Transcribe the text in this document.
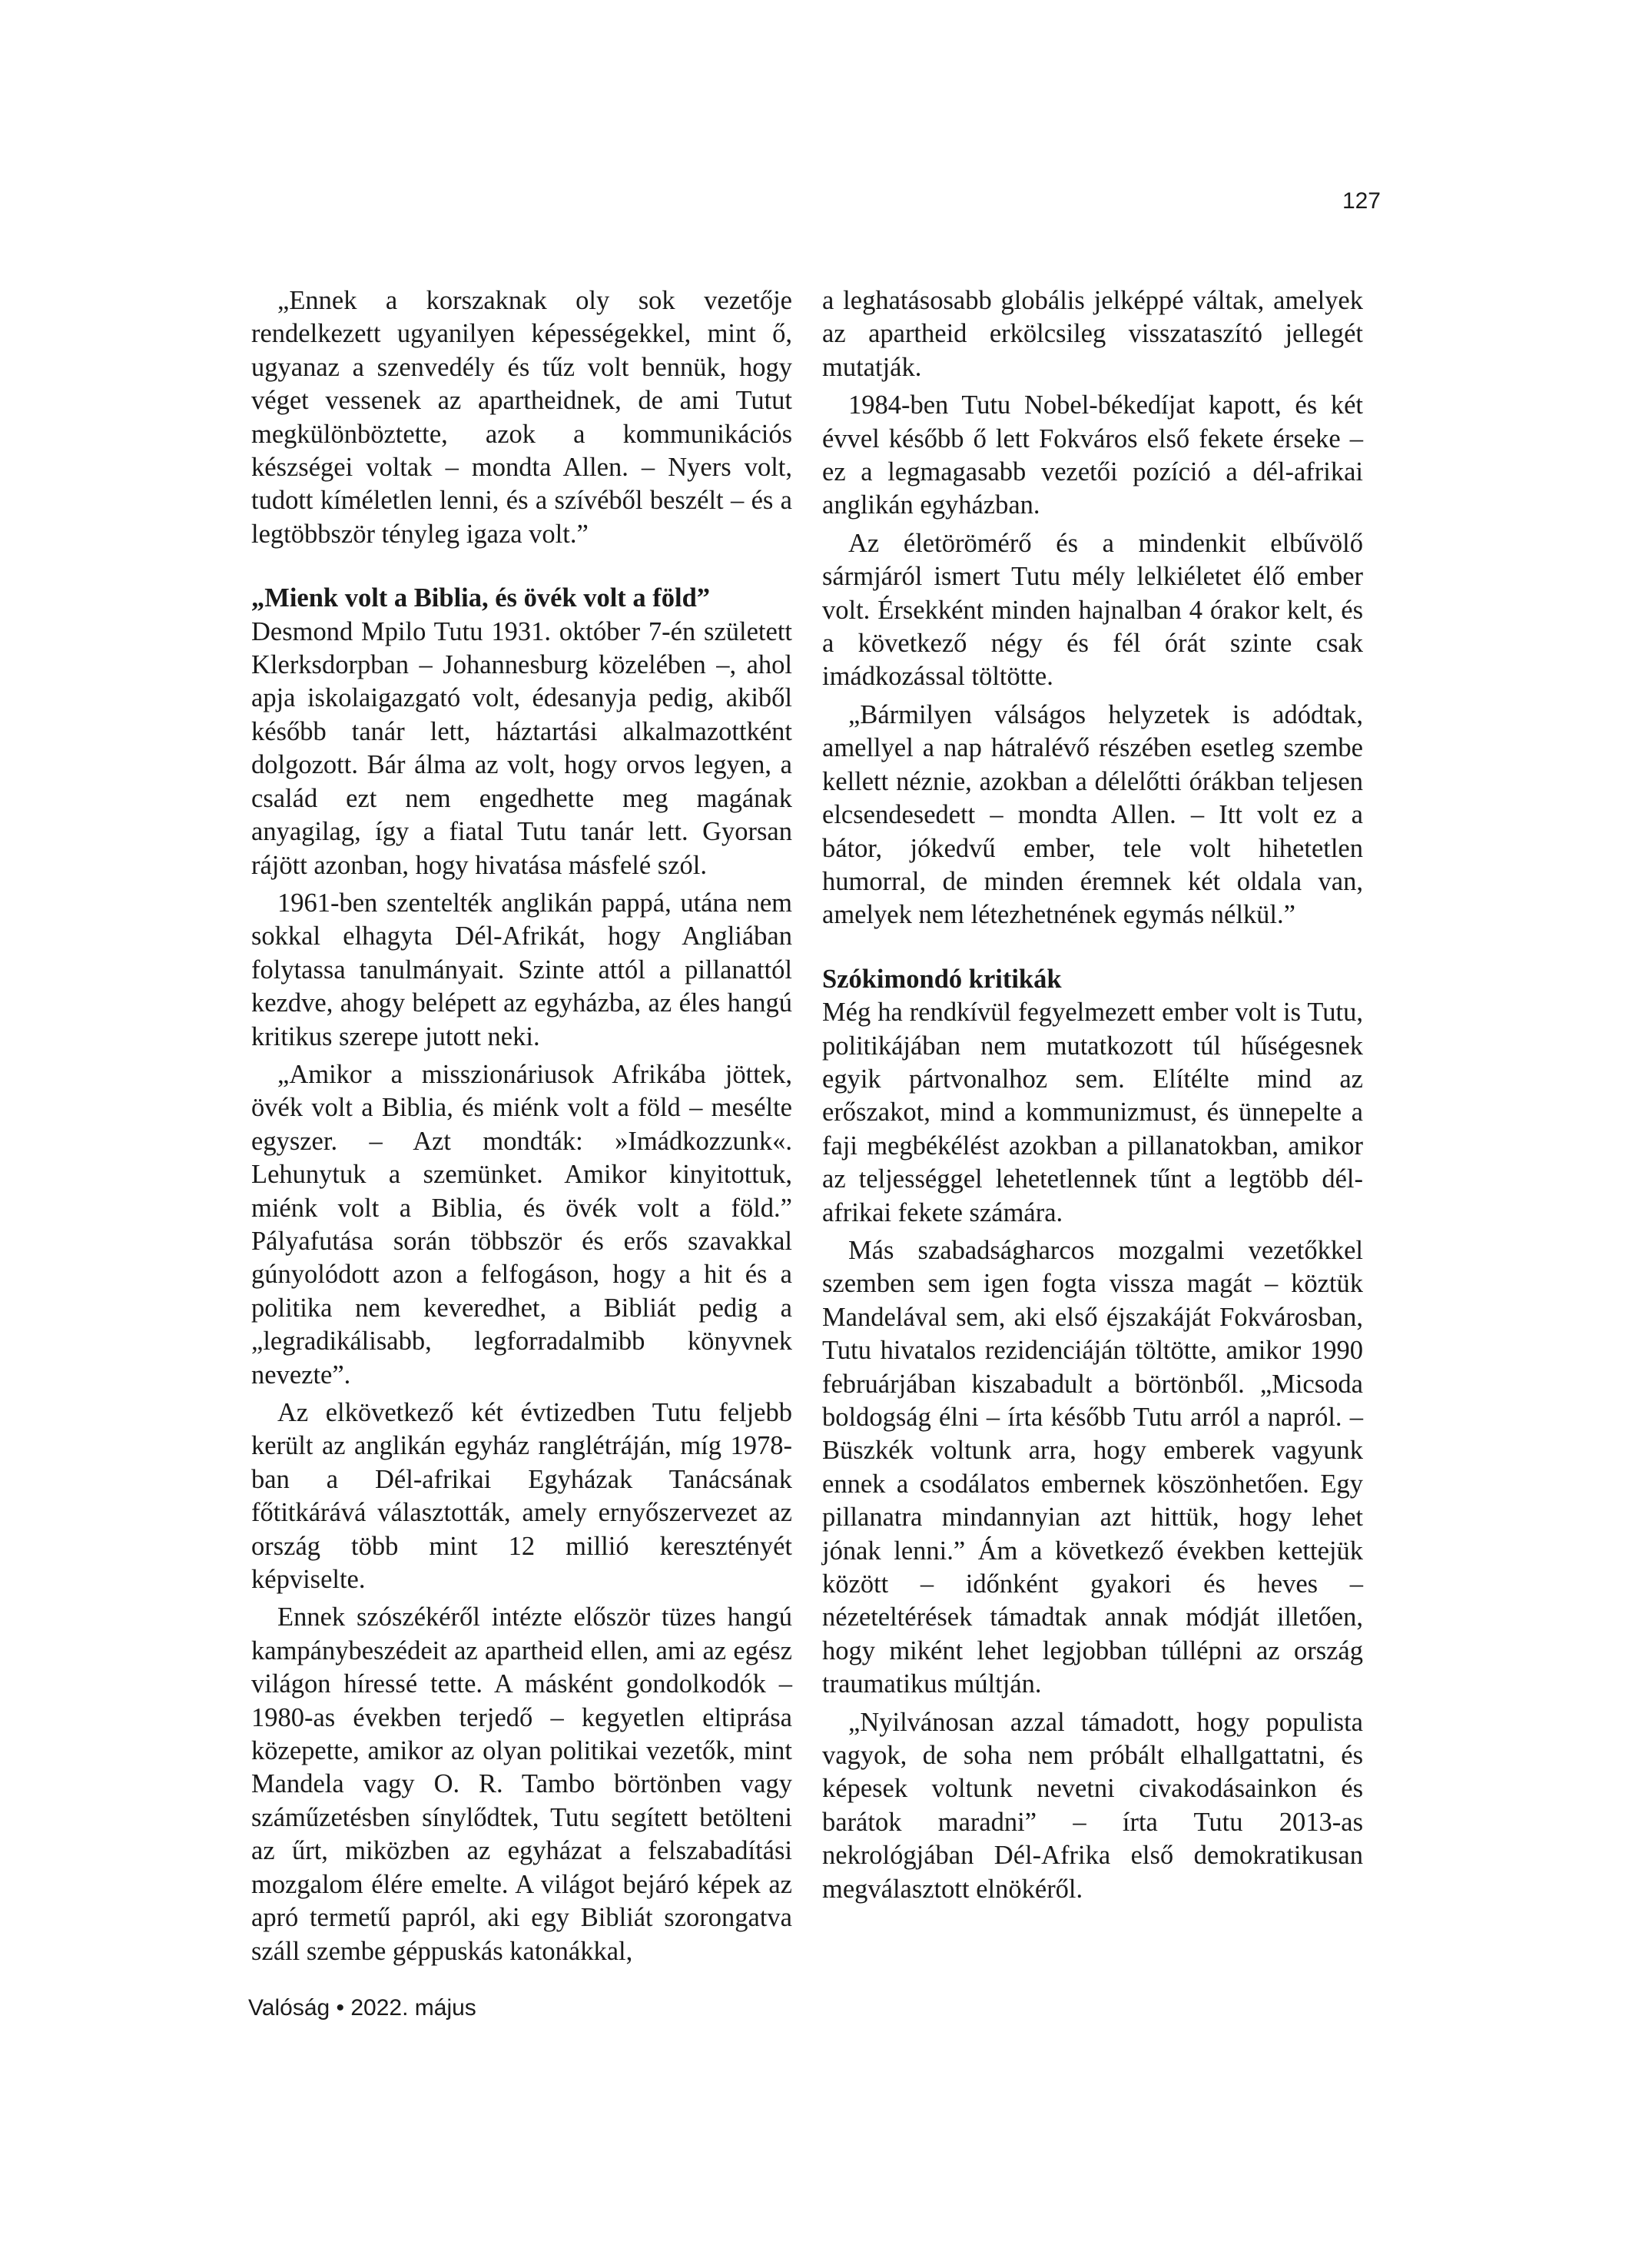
127

„Ennek a korszaknak oly sok vezetője rendelkezett ugyanilyen képességekkel, mint ő, ugyanaz a szenvedély és tűz volt bennük, hogy véget vessenek az apartheidnek, de ami Tutut megkülönböztette, azok a kommunikációs készségei voltak – mondta Allen. – Nyers volt, tudott kíméletlen lenni, és a szívéből beszélt – és a legtöbbször tényleg igaza volt.”

„Mienk volt a Biblia, és övék volt a föld”

Desmond Mpilo Tutu 1931. október 7-én született Klerksdorpban – Johannesburg közelében –, ahol apja iskolaigazgató volt, édesanyja pedig, akiből később tanár lett, háztartási alkalmazottként dolgozott. Bár álma az volt, hogy orvos legyen, a család ezt nem engedhette meg magának anyagilag, így a fiatal Tutu tanár lett. Gyorsan rájött azonban, hogy hivatása másfelé szól.

1961-ben szentelték anglikán pappá, utána nem sokkal elhagyta Dél-Afrikát, hogy Angliában folytassa tanulmányait. Szinte attól a pillanattól kezdve, ahogy belépett az egyházba, az éles hangú kritikus szerepe jutott neki.

„Amikor a misszionáriusok Afrikába jöttek, övék volt a Biblia, és miénk volt a föld – mesélte egyszer. – Azt mondták: »Imádkozzunk«. Lehunytuk a szemünket. Amikor kinyitottuk, miénk volt a Biblia, és övék volt a föld.” Pályafutása során többször és erős szavakkal gúnyolódott azon a felfogáson, hogy a hit és a politika nem keveredhet, a Bibliát pedig a „legradikálisabb, legforradalmibb könyvnek nevezte”.

Az elkövetkező két évtizedben Tutu feljebb került az anglikán egyház ranglétráján, míg 1978-ban a Dél-afrikai Egyházak Tanácsának főtitkárává választották, amely ernyőszervezet az ország több mint 12 millió keresztényét képviselte.

Ennek szószékéről intézte először tüzes hangú kampánybeszédeit az apartheid ellen, ami az egész világon híressé tette. A másként gondolkodók – 1980-as években terjedő – kegyetlen eltiprása közepette, amikor az olyan politikai vezetők, mint Mandela vagy O. R. Tambo börtönben vagy száműzetésben sínylődtek, Tutu segített betölteni az űrt, miközben az egyházat a felszabadítási mozgalom élére emelte. A világot bejáró képek az apró termetű papról, aki egy Bibliát szorongatva száll szembe géppuskás katonákkal,

a leghatásosabb globális jelképpé váltak, amelyek az apartheid erkölcsileg visszataszító jellegét mutatják.

1984-ben Tutu Nobel-békedíjat kapott, és két évvel később ő lett Fokváros első fekete érseke – ez a legmagasabb vezetői pozíció a dél-afrikai anglikán egyházban.

Az életörömérő és a mindenkit elbűvölő sármjáról ismert Tutu mély lelkiéletet élő ember volt. Érsekként minden hajnalban 4 órakor kelt, és a következő négy és fél órát szinte csak imádkozással töltötte.

„Bármilyen válságos helyzetek is adódtak, amellyel a nap hátralévő részében esetleg szembe kellett néznie, azokban a délelőtti órákban teljesen elcsendesedett – mondta Allen. – Itt volt ez a bátor, jókedvű ember, tele volt hihetetlen humorral, de minden éremnek két oldala van, amelyek nem létezhetnének egymás nélkül.”

Szókimondó kritikák

Még ha rendkívül fegyelmezett ember volt is Tutu, politikájában nem mutatkozott túl hűségesnek egyik pártvonalhoz sem. Elítélte mind az erőszakot, mind a kommunizmust, és ünnepelte a faji megbékélést azokban a pillanatokban, amikor az teljességgel lehetetlennek tűnt a legtöbb dél-afrikai fekete számára.

Más szabadságharcos mozgalmi vezetőkkel szemben sem igen fogta vissza magát – köztük Mandelával sem, aki első éjszakáját Fokvárosban, Tutu hivatalos rezidenciáján töltötte, amikor 1990 februárjában kiszabadult a börtönből. „Micsoda boldogság élni – írta később Tutu arról a napról. – Büszkék voltunk arra, hogy emberek vagyunk ennek a csodálatos embernek köszönhetően. Egy pillanatra mindannyian azt hittük, hogy lehet jónak lenni.” Ám a következő években kettejük között – időnként gyakori és heves – nézeteltérések támadtak annak módját illetően, hogy miként lehet legjobban túllépni az ország traumatikus múltján.

„Nyilvánosan azzal támadott, hogy populista vagyok, de soha nem próbált elhallgattatni, és képesek voltunk nevetni civakodásainkon és barátok maradni” – írta Tutu 2013-as nekrológjában Dél-Afrika első demokratikusan megválasztott elnökéről.

Valóság • 2022. május
